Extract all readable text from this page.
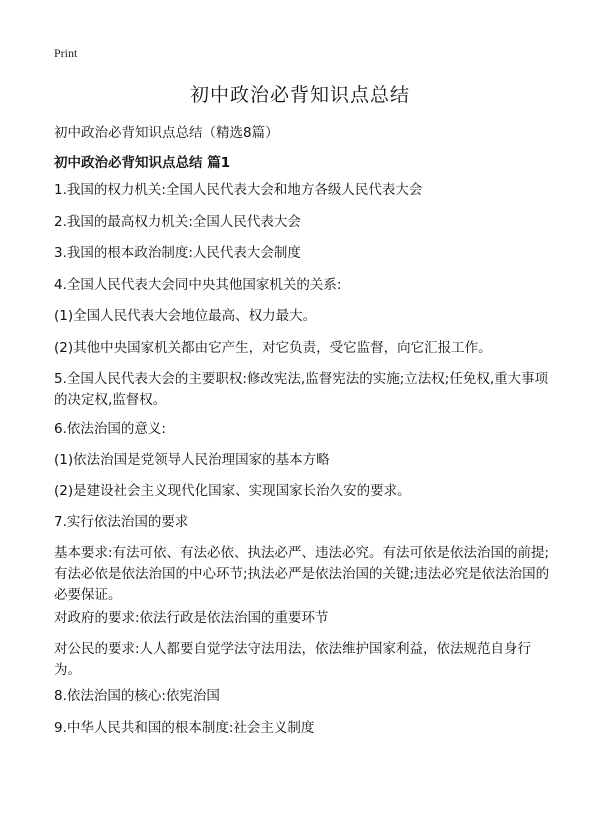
Print
初中政治必背知识点总结
初中政治必背知识点总结（精选8篇）
初中政治必背知识点总结 篇1

1.我国的权力机关:全国人民代表大会和地方各级人民代表大会

2.我国的最高权力机关:全国人民代表大会

3.我国的根本政治制度:人民代表大会制度

4.全国人民代表大会同中央其他国家机关的关系:

(1)全国人民代表大会地位最高、权力最大。

(2)其他中央国家机关都由它产生，对它负责，受它监督，向它汇报工作。

5.全国人民代表大会的主要职权:修改宪法,监督宪法的实施;立法权;任免权,重大事项的决定权,监督权。

6.依法治国的意义:

(1)依法治国是党领导人民治理国家的基本方略

(2)是建设社会主义现代化国家、实现国家长治久安的要求。

7.实行依法治国的要求

基本要求:有法可依、有法必依、执法必严、违法必究。有法可依是依法治国的前提;有法必依是依法治国的中心环节;执法必严是依法治国的关键;违法必究是依法治国的必要保证。

对政府的要求:依法行政是依法治国的重要环节

对公民的要求:人人都要自觉学法守法用法，依法维护国家利益，依法规范自身行为。

8.依法治国的核心:依宪治国

9.中华人民共和国的根本制度:社会主义制度
